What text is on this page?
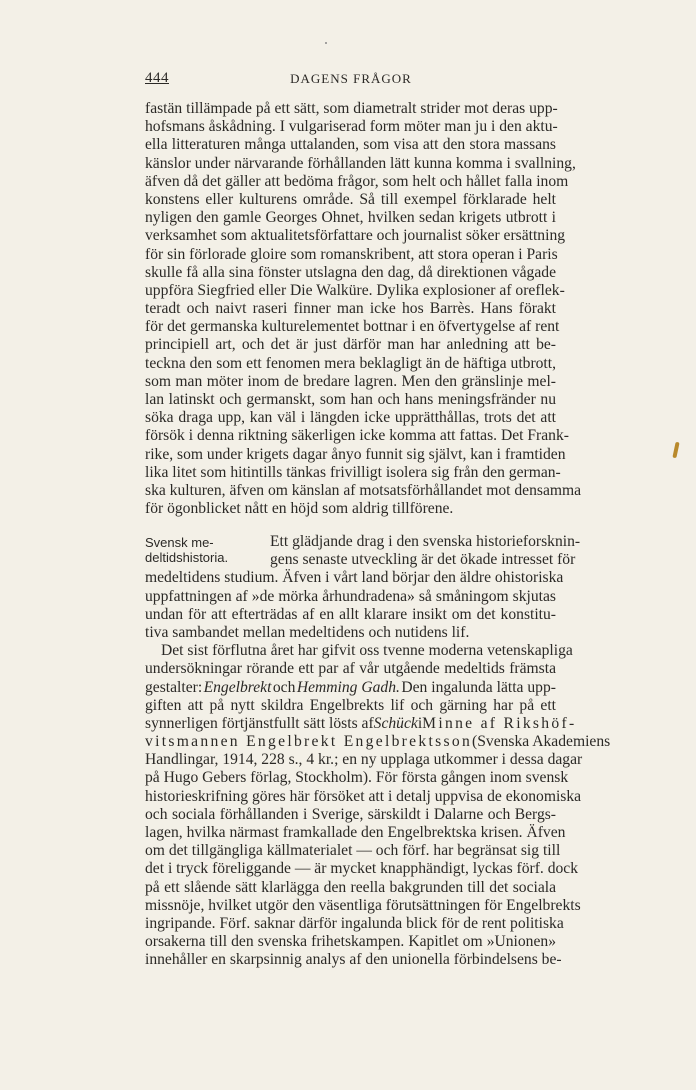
444	DAGENS FRÅGOR
fastän tillämpade på ett sätt, som diametralt strider mot deras upp-
hofsmans åskådning. I vulgariserad form möter man ju i den aktu-
ella litteraturen många uttalanden, som visa att den stora massans
känslor under närvarande förhållanden lätt kunna komma i svallning,
äfven då det gäller att bedöma frågor, som helt och hållet falla inom
konstens eller kulturens område. Så till exempel förklarade helt
nyligen den gamle Georges Ohnet, hvilken sedan krigets utbrott i
verksamhet som aktualitetsförfattare och journalist söker ersättning
för sin förlorade gloire som romanskribent, att stora operan i Paris
skulle få alla sina fönster utslagna den dag, då direktionen vågade
uppföra Siegfried eller Die Walküre. Dylika explosioner af oreflek-
teradt och naivt raseri finner man icke hos Barrès. Hans förakt
för det germanska kulturelementet bottnar i en öfvertygelse af rent
principiell art, och det är just därför man har anledning att be-
teckna den som ett fenomen mera beklagligt än de häftiga utbrott,
som man möter inom de bredare lagren. Men den gränslinje mel-
lan latinskt och germanskt, som han och hans meningsfränder nu
söka draga upp, kan väl i längden icke upprätthållas, trots det att
försök i denna riktning säkerligen icke komma att fattas. Det Frank-
rike, som under krigets dagar ånyo funnit sig självt, kan i framtiden
lika litet som hitintills tänkas frivilligt isolera sig från den german-
ska kulturen, äfven om känslan af motsatsförhållandet mot densamma
för ögonblicket nått en höjd som aldrig tillförene.
Svensk me-
deltidshistoria.
Ett glädjande drag i den svenska historieforsknin-
gens senaste utveckling är det ökade intresset för
medeltidens studium. Äfven i vårt land börjar den äldre ohistoriska
uppfattningen af »de mörka århundradena» så småningom skjutas
undan för att efterträdas af en allt klarare insikt om det konstitu-
tiva sambandet mellan medeltidens och nutidens lif.
Det sist förflutna året har gifvit oss tvenne moderna vetenskapliga
undersökningar rörande ett par af vår utgående medeltids främsta
gestalter: Engelbrekt och Hemming Gadh. Den ingalunda lätta upp-
giften att på nytt skildra Engelbrekts lif och gärning har på ett
synnerligen förtjänstfullt sätt lösts af Schück i Minne af Rikshöf-
vitsmannen Engelbrekt Engelbrektsson (Svenska Akademiens
Handlingar, 1914, 228 s., 4 kr.; en ny upplaga utkommer i dessa dagar
på Hugo Gebers förlag, Stockholm). För första gången inom svensk
historieskrifning göres här försöket att i detalj uppvisa de ekonomiska
och sociala förhållanden i Sverige, särskildt i Dalarne och Bergs-
lagen, hvilka närmast framkallade den Engelbrektska krisen. Äfven
om det tillgängliga källmaterialet — och förf. har begränsat sig till
det i tryck föreliggande — är mycket knapphändigt, lyckas förf. dock
på ett slående sätt klarlägga den reella bakgrunden till det sociala
missnöje, hvilket utgör den väsentliga förutsättningen för Engelbrekts
ingripande. Förf. saknar därför ingalunda blick för de rent politiska
orsakerna till den svenska frihetskampen. Kapitlet om »Unionen»
innehåller en skarpsinnig analys af den unionella förbindelsens be-
